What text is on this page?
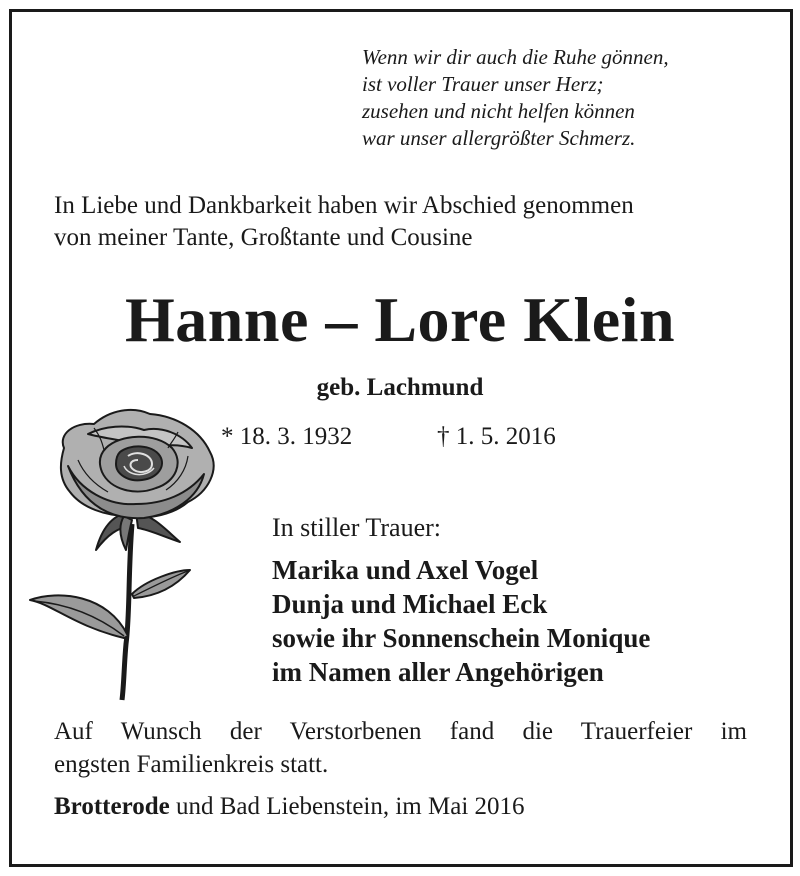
Wenn wir dir auch die Ruhe gönnen,
ist voller Trauer unser Herz;
zusehen und nicht helfen können
war unser allergrößter Schmerz.
In Liebe und Dankbarkeit haben wir Abschied genommen
von meiner Tante, Großtante und Cousine
Hanne – Lore Klein
geb. Lachmund
* 18. 3. 1932	† 1. 5. 2016
In stiller Trauer:
Marika und Axel Vogel
Dunja und Michael Eck
sowie ihr Sonnenschein Monique
im Namen aller Angehörigen
Auf Wunsch der Verstorbenen fand die Trauerfeier im
engsten Familienkreis statt.
Brotterode und Bad Liebenstein, im Mai 2016
